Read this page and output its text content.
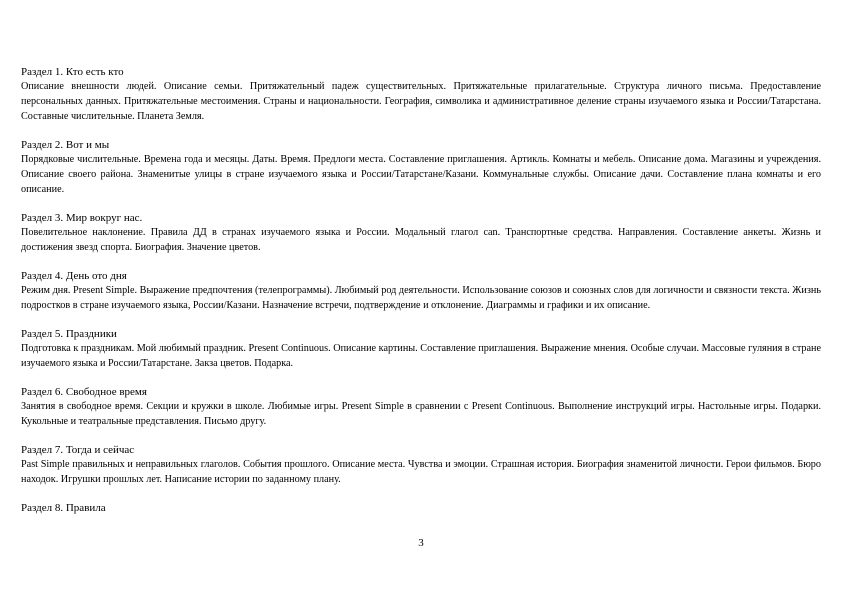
Раздел 1. Кто есть кто

Описание внешности людей. Описание семьи. Притяжательный падеж существительных. Притяжательные прилагательные. Структура личного письма. Предоставление персональных данных. Притяжательные местоимения. Страны и национальности. География, символика и административное деление страны изучаемого языка и России/Татарстана. Составные числительные. Планета Земля.

Раздел 2. Вот и мы

Порядковые числительные. Времена года и месяцы. Даты. Время. Предлоги места. Составление приглашения. Артикль. Комнаты и мебель. Описание дома. Магазины и учреждения. Описание своего района. Знаменитые улицы в стране изучаемого языка и России/Татарстане/Казани. Коммунальные службы. Описание дачи. Составление плана комнаты и его описание.

Раздел 3. Мир вокруг нас.

Повелительное наклонение. Правила ДД в странах изучаемого языка и России. Модальный глагол can. Транспортные средства. Направления. Составление анкеты. Жизнь и достижения звезд спорта. Биография. Значение цветов.

Раздел 4. День ото дня

Режим дня. Present Simple. Выражение предпочтения (телепрограммы). Любимый род деятельности. Использование союзов и союзных слов для логичности и связности текста. Жизнь подростков в стране изучаемого языка, России/Казани. Назначение встречи, подтверждение и отклонение. Диаграммы и графики и их описание.

Раздел 5. Праздники

Подготовка к праздникам. Мой любимый праздник. Present Continuous. Описание картины. Составление приглашения. Выражение мнения. Особые случаи. Массовые гуляния в стране изучаемого языка и России/Татарстане. Закза цветов. Подарка.

Раздел 6. Свободное время

Занятия в свободное время. Секции и кружки в школе. Любимые игры. Present Simple в сравнении с Present Continuous. Выполнение инструкций игры. Настольные игры. Подарки. Кукольные и театральные представления. Письмо другу.

Раздел 7. Тогда и сейчас

Past Simple правильных и неправильных глаголов. События прошлого. Описание места. Чувства и эмоции. Страшная история. Биография знаменитой личности. Герои фильмов. Бюро находок. Игрушки прошлых лет. Написание истории по заданному плану.

Раздел 8. Правила

3
